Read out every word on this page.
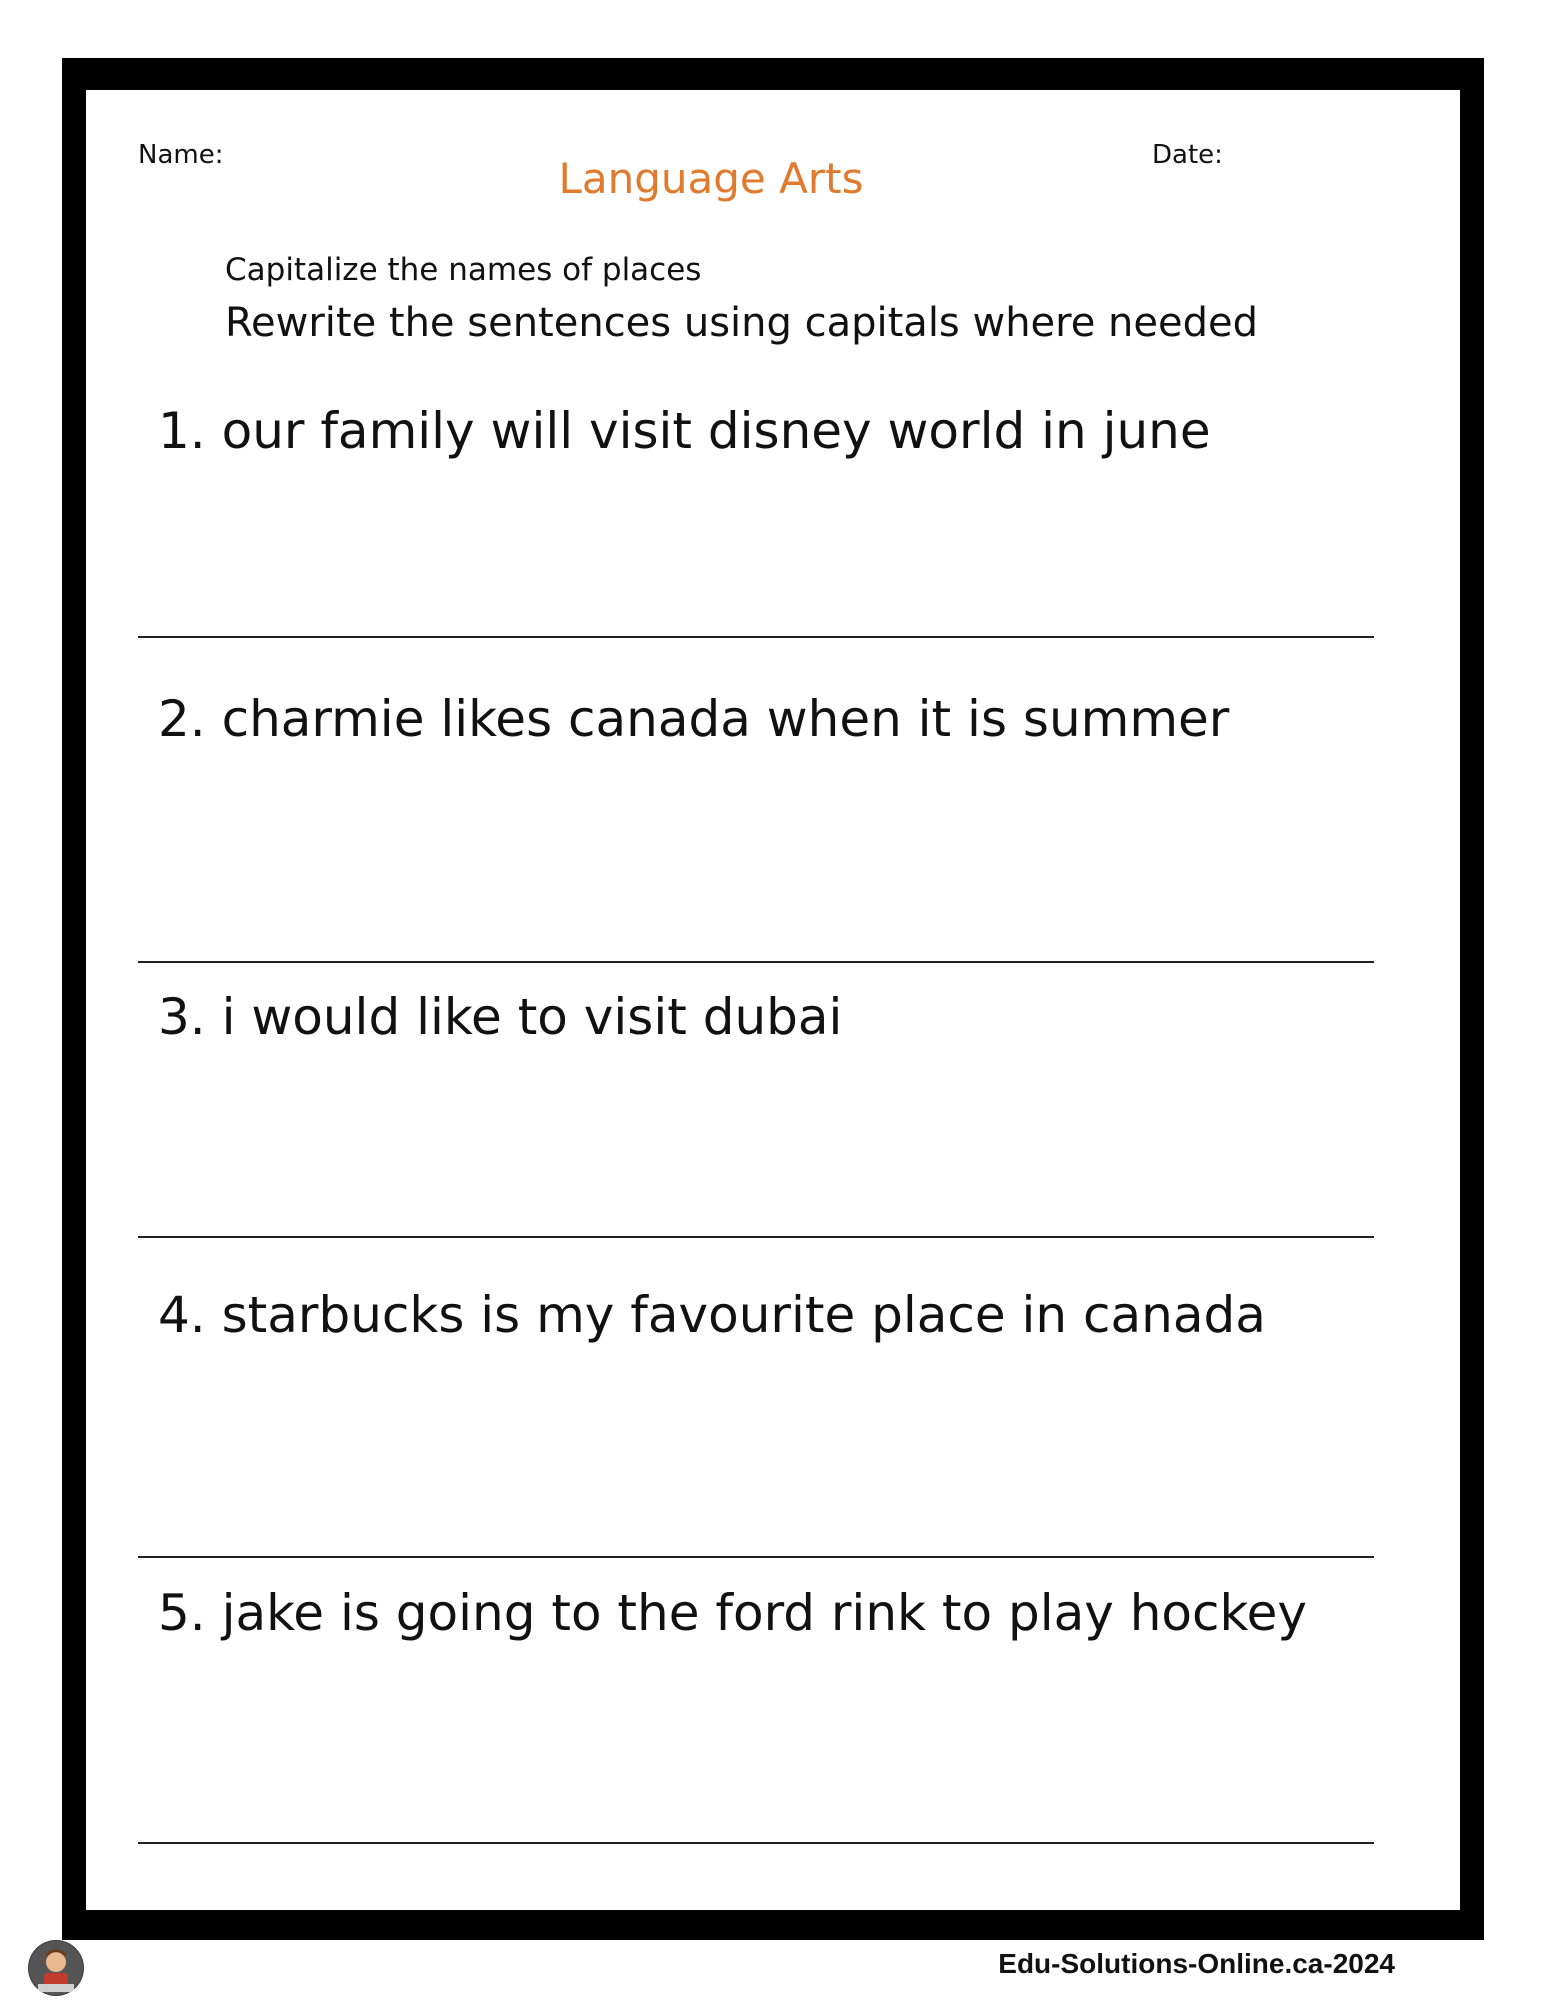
Name:	Date:
Language Arts
Capitalize the names of places
Rewrite the sentences using capitals where needed
1. our family will visit disney world in june
2. charmie likes canada when it is summer
3. i would like to visit dubai
4. starbucks is my favourite place in canada
5. jake is going to the ford rink to play hockey
Edu-Solutions-Online.ca-2024
